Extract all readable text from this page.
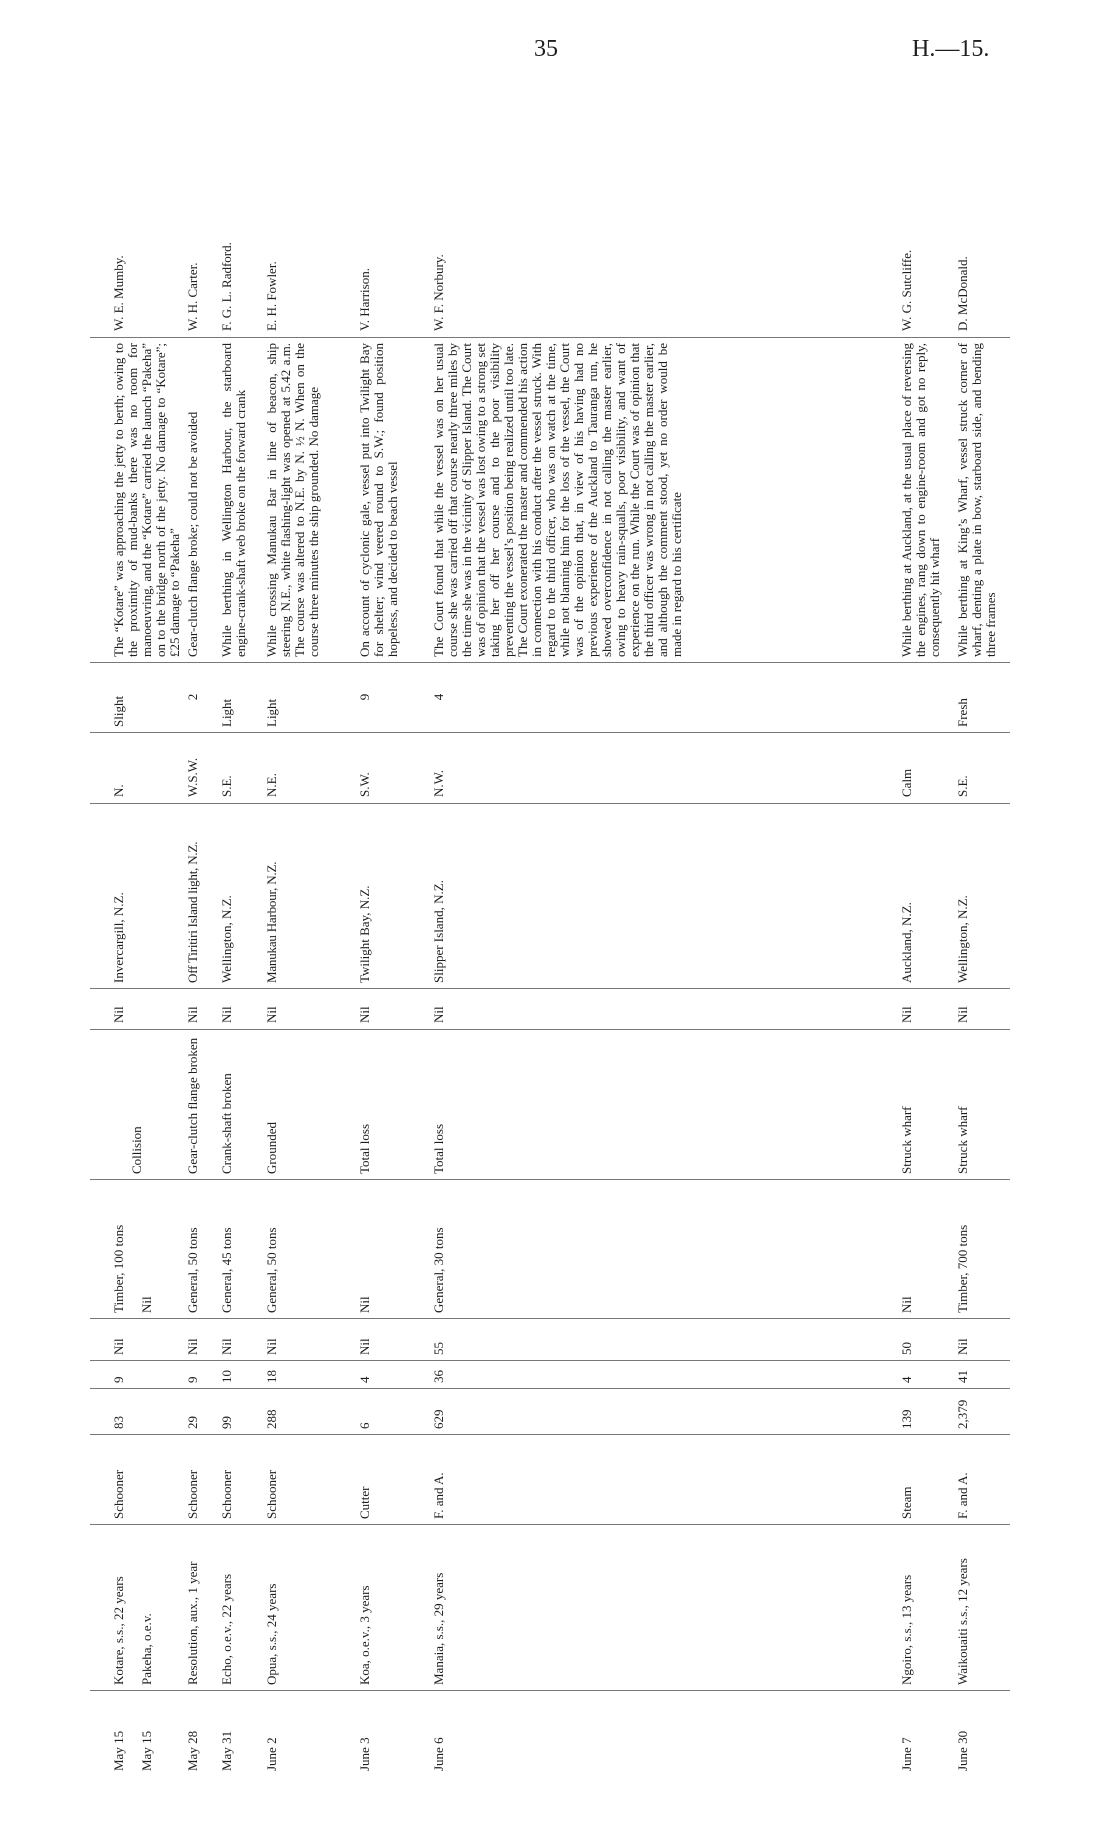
35	H.—15.
May 15
Kotare, s.s., 22 years
Schooner
83
9
Nil
Timber, 100 tons
Collision
Nil
Invercargill, N.Z.
N.
Slight
The “Kotare” was approaching the jetty to berth; owing to the proximity of mud-banks there was no room for manoeuvring, and the “Kotare” carried the launch “Pakeha” on to the bridge north of the jetty. No damage to “Kotare”; £25 damage to “Pakeha”
W. E. Mumby.
May 15
Pakeha, o.e.v.
Nil
May 28
Resolution, aux., 1 year
Schooner
29
9
Nil
General, 50 tons
Gear-clutch flange broken
Nil
Off Tiritiri Island light, N.Z.
W.S.W.
2
Gear-clutch flange broke; could not be avoided
W. H. Carter.
May 31
Echo, o.e.v., 22 years
Schooner
99
10
Nil
General, 45 tons
Crank-shaft broken
Nil
Wellington, N.Z.
S.E.
Light
While berthing in Wellington Harbour, the starboard engine-crank-shaft web broke on the forward crank
F. G. L. Radford.
June 2
Opua, s.s., 24 years
Schooner
288
18
Nil
General, 50 tons
Grounded
Nil
Manukau Harbour, N.Z.
N.E.
Light
While crossing Manukau Bar in line of beacon, ship steering N.E., white flashing-light was opened at 5.42 a.m. The course was altered to N.E. by N. ½ N. When on the course three minutes the ship grounded. No damage
E. H. Fowler.
June 3
Koa, o.e.v., 3 years
Cutter
6
4
Nil
Nil
Total loss
Nil
Twilight Bay, N.Z.
S.W.
9
On account of cyclonic gale, vessel put into Twilight Bay for shelter; wind veered round to S.W.; found position hopeless, and decided to beach vessel
V. Harrison.
June 6
Manaia, s.s., 29 years
F. and A.
629
36
55
General, 30 tons
Total loss
Nil
Slipper Island, N.Z.
N.W.
4
The Court found that while the vessel was on her usual course she was carried off that course nearly three miles by the time she was in the vicinity of Slipper Island. The Court was of opinion that the vessel was lost owing to a strong set taking her off her course and to the poor visibility preventing the vessel’s position being realized until too late. The Court exonerated the master and commended his action in connection with his conduct after the vessel struck. With regard to the third officer, who was on watch at the time, while not blaming him for the loss of the vessel, the Court was of the opinion that, in view of his having had no previous experience of the Auckland to Tauranga run, he showed overconfidence in not calling the master earlier, owing to heavy rain-squalls, poor visibility, and want of experience on the run. While the Court was of opinion that the third officer was wrong in not calling the master earlier, and although the comment stood, yet no order would be made in regard to his certificate
W. F. Norbury.
June 7
Ngoiro, s.s., 13 years
Steam
139
4
50
Nil
Struck wharf
Nil
Auckland, N.Z.
Calm
While berthing at Auckland, at the usual place of reversing the engines, rang down to engine-room and got no reply, consequently hit wharf
W. G. Sutcliffe.
June 30
Waikouaiti s.s., 12 years
F. and A.
2,379
41
Nil
Timber, 700 tons
Struck wharf
Nil
Wellington, N.Z.
S.E.
Fresh
While berthing at King’s Wharf, vessel struck corner of wharf, denting a plate in bow, starboard side, and bending three frames
D. McDonald.
